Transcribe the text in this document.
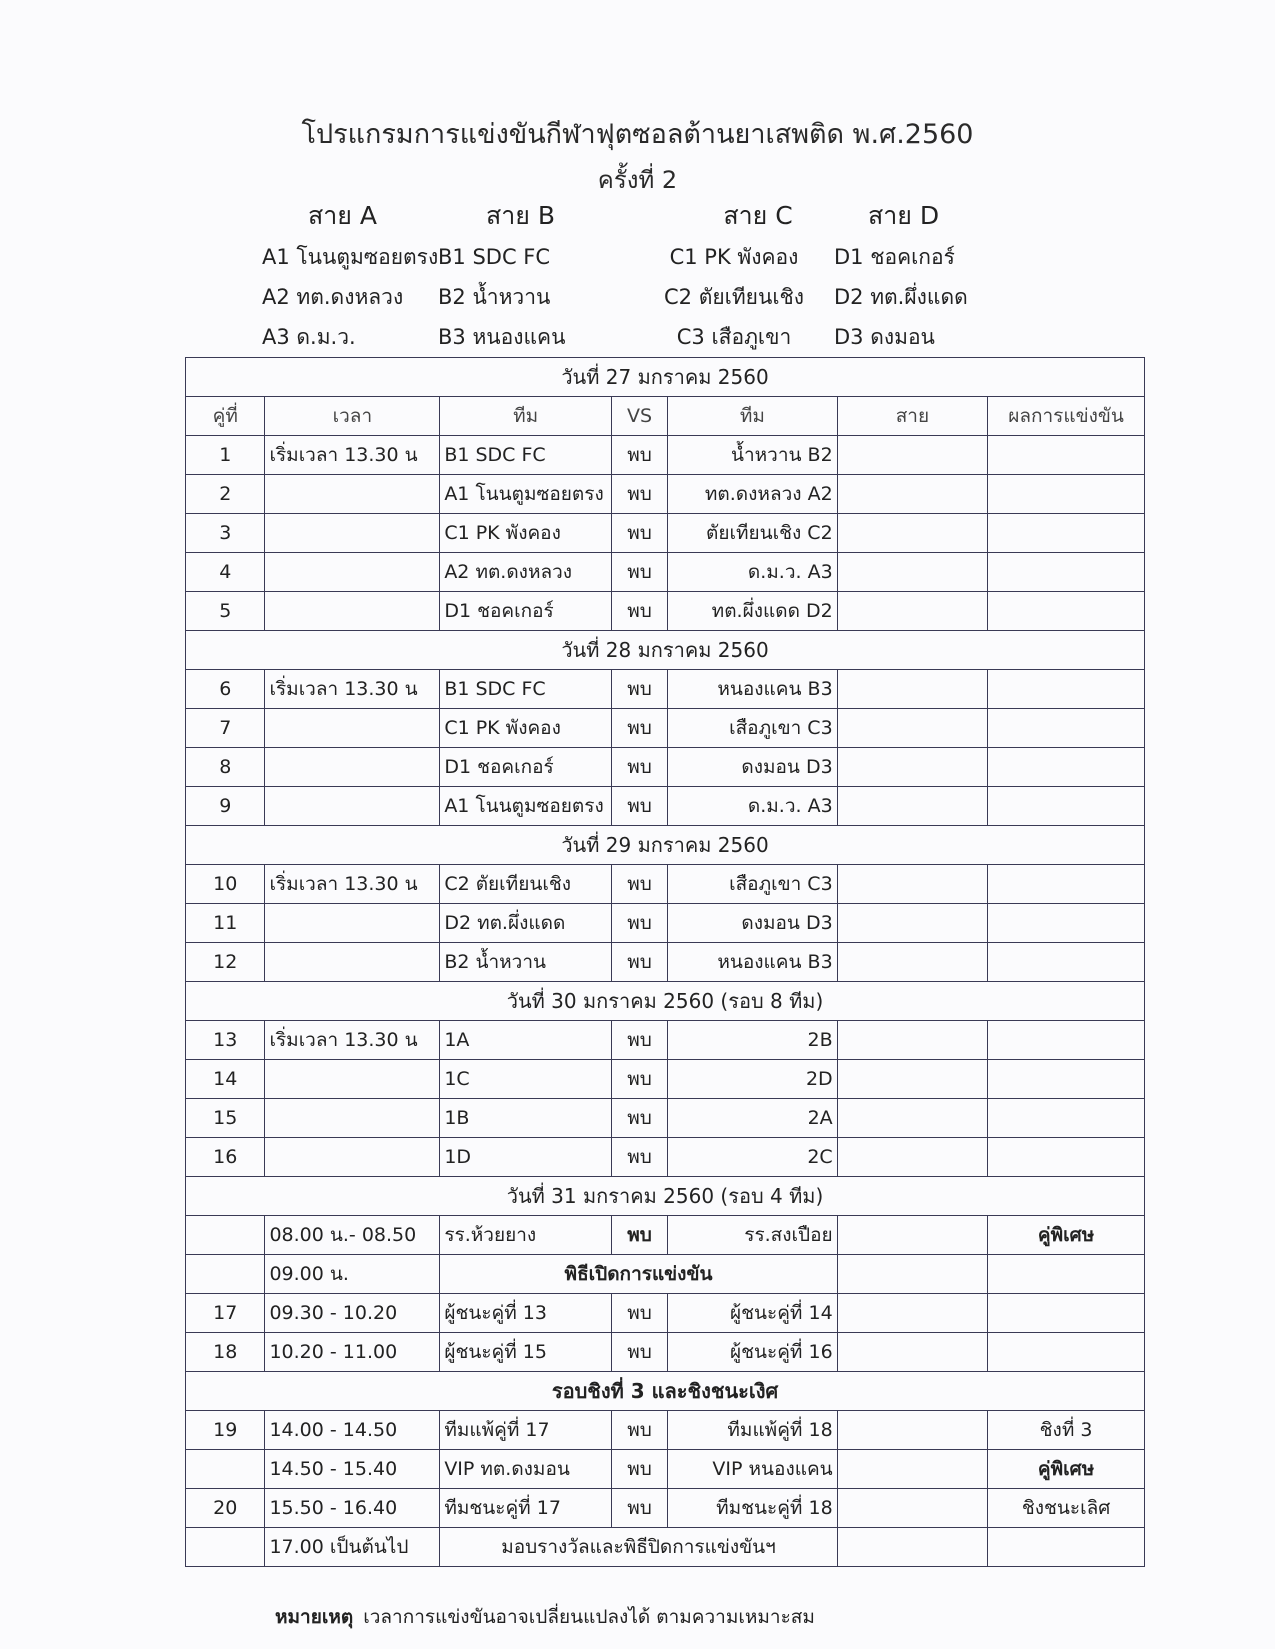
โปรแกรมการแข่งขันกีฬาฟุตซอลต้านยาเสพติด พ.ศ.2560
ครั้งที่ 2
สาย A
A1 โนนตูมซอยตรง
A2 ทต.ดงหลวง
A3 ด.ม.ว.
สาย B
B1 SDC FC
B2 น้ำหวาน
B3 หนองแคน
สาย C
C1 PK พังคอง
C2 ตัยเทียนเชิง
C3 เสือภูเขา
สาย D
D1 ชอคเกอร์
D2 ทต.ผึ่งแดด
D3 ดงมอน
วันที่ 27 มกราคม 2560						
คู่ที่	เวลา	ทีม	VS	ทีม	สาย	ผลการแข่งขัน
1	เริ่มเวลา 13.30 น	B1 SDC FC	พบ	น้ำหวาน B2		
2		A1 โนนตูมซอยตรง	พบ	ทต.ดงหลวง A2		
3		C1 PK พังคอง	พบ	ตัยเทียนเชิง C2		
4		A2 ทต.ดงหลวง	พบ	ด.ม.ว. A3		
5		D1 ชอคเกอร์	พบ	ทต.ผึ่งแดด D2		
วันที่ 28 มกราคม 2560						
6	เริ่มเวลา 13.30 น	B1 SDC FC	พบ	หนองแคน B3		
7		C1 PK พังคอง	พบ	เสือภูเขา C3		
8		D1 ชอคเกอร์	พบ	ดงมอน D3		
9		A1 โนนตูมซอยตรง	พบ	ด.ม.ว. A3		
วันที่ 29 มกราคม 2560						
10	เริ่มเวลา 13.30 น	C2 ตัยเทียนเชิง	พบ	เสือภูเขา C3		
11		D2 ทต.ผึ่งแดด	พบ	ดงมอน D3		
12		B2 น้ำหวาน	พบ	หนองแคน B3		
วันที่ 30 มกราคม 2560 (รอบ 8 ทีม)						
13	เริ่มเวลา 13.30 น	1A	พบ	2B		
14		1C	พบ	2D		
15		1B	พบ	2A		
16		1D	พบ	2C		
วันที่ 31 มกราคม 2560 (รอบ 4 ทีม)						
	08.00 น.- 08.50	รร.ห้วยยาง	พบ	รร.สงเปือย		คู่พิเศษ
	09.00 น.	พิธีเปิดการแข่งขัน				
17	09.30 - 10.20	ผู้ชนะคู่ที่ 13	พบ	ผู้ชนะคู่ที่ 14		
18	10.20 - 11.00	ผู้ชนะคู่ที่ 15	พบ	ผู้ชนะคู่ที่ 16		
รอบชิงที่ 3 และชิงชนะเงิศ						
19	14.00 - 14.50	ทีมแพ้คู่ที่ 17	พบ	ทีมแพ้คู่ที่ 18		ชิงที่ 3
	14.50 - 15.40	VIP ทต.ดงมอน	พบ	VIP หนองแคน		คู่พิเศษ
20	15.50 - 16.40	ทีมชนะคู่ที่ 17	พบ	ทีมชนะคู่ที่ 18		ชิงชนะเลิศ
	17.00 เป็นต้นไป	มอบรางวัลและพิธีปิดการแข่งขันฯ				
หมายเหตุ เวลาการแข่งขันอาจเปลี่ยนแปลงได้ ตามความเหมาะสม
